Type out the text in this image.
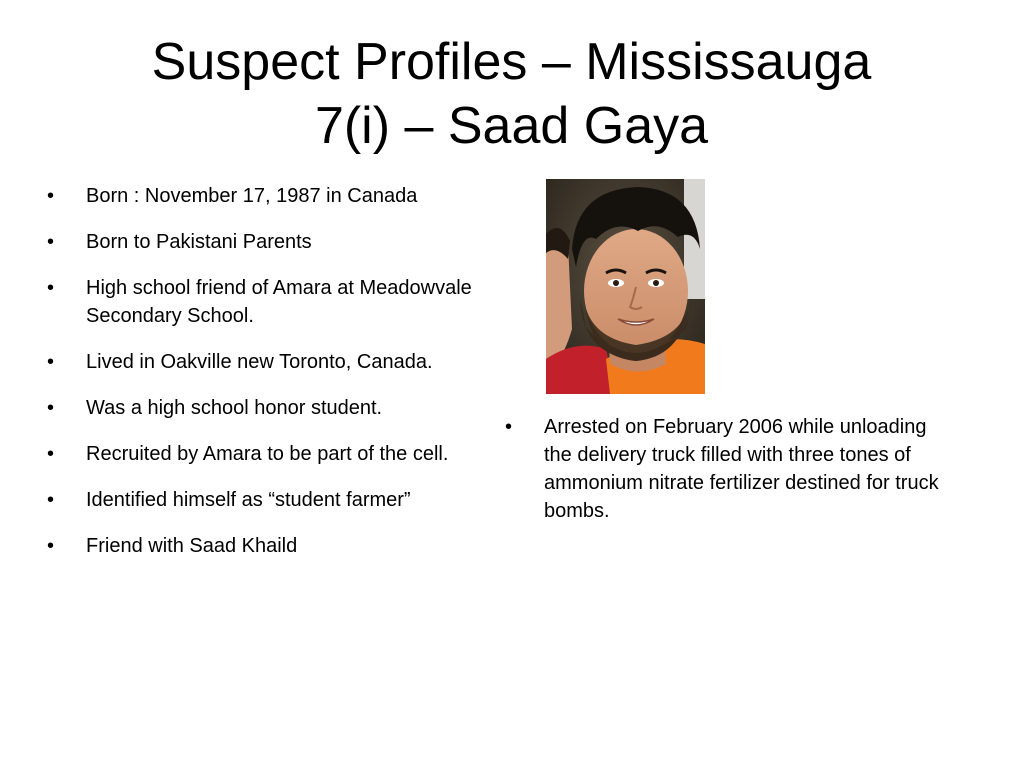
Suspect Profiles – Mississauga
7(i) – Saad Gaya
•	Born : November 17, 1987 in Canada
•	Born to Pakistani Parents
•	High school friend of Amara at Meadowvale Secondary School.
•	Lived in Oakville new Toronto, Canada.
•	Was a high school honor student.
•	Recruited by Amara to be part of the cell.
•	Identified himself as “student farmer”
•	Friend with Saad Khaild
•	Arrested on February 2006 while unloading the delivery truck filled with three tones of ammonium nitrate fertilizer destined for truck bombs.
